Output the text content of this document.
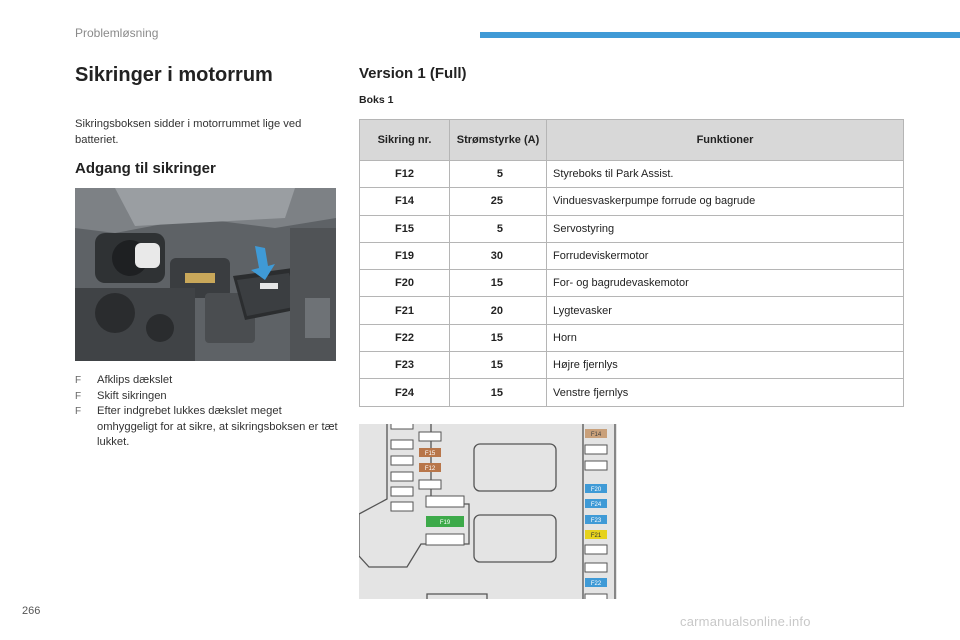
Problemløsning
Sikringer i motorrum
Sikringsboksen sidder i motorrummet lige ved batteriet.
Adgang til sikringer
F Afklips dækslet
F Skift sikringen
F Efter indgrebet lukkes dækslet meget omhyggeligt for at sikre, at sikringsboksen er tæt lukket.
Version 1 (Full)
Boks 1
Sikring nr.	Strømstyrke (A)	Funktioner
F12	5	Styreboks til Park Assist.
F14	25	Vinduesvaskerpumpe forrude og bagrude
F15	5	Servostyring
F19	30	Forrudeviskermotor
F20	15	For- og bagrudevaskemotor
F21	20	Lygtevasker
F22	15	Horn
F23	15	Højre fjernlys
F24	15	Venstre fjernlys
F15
F12
F19
F14
F20
F24
F23
F21
F22
266
carmanualsonline.info
